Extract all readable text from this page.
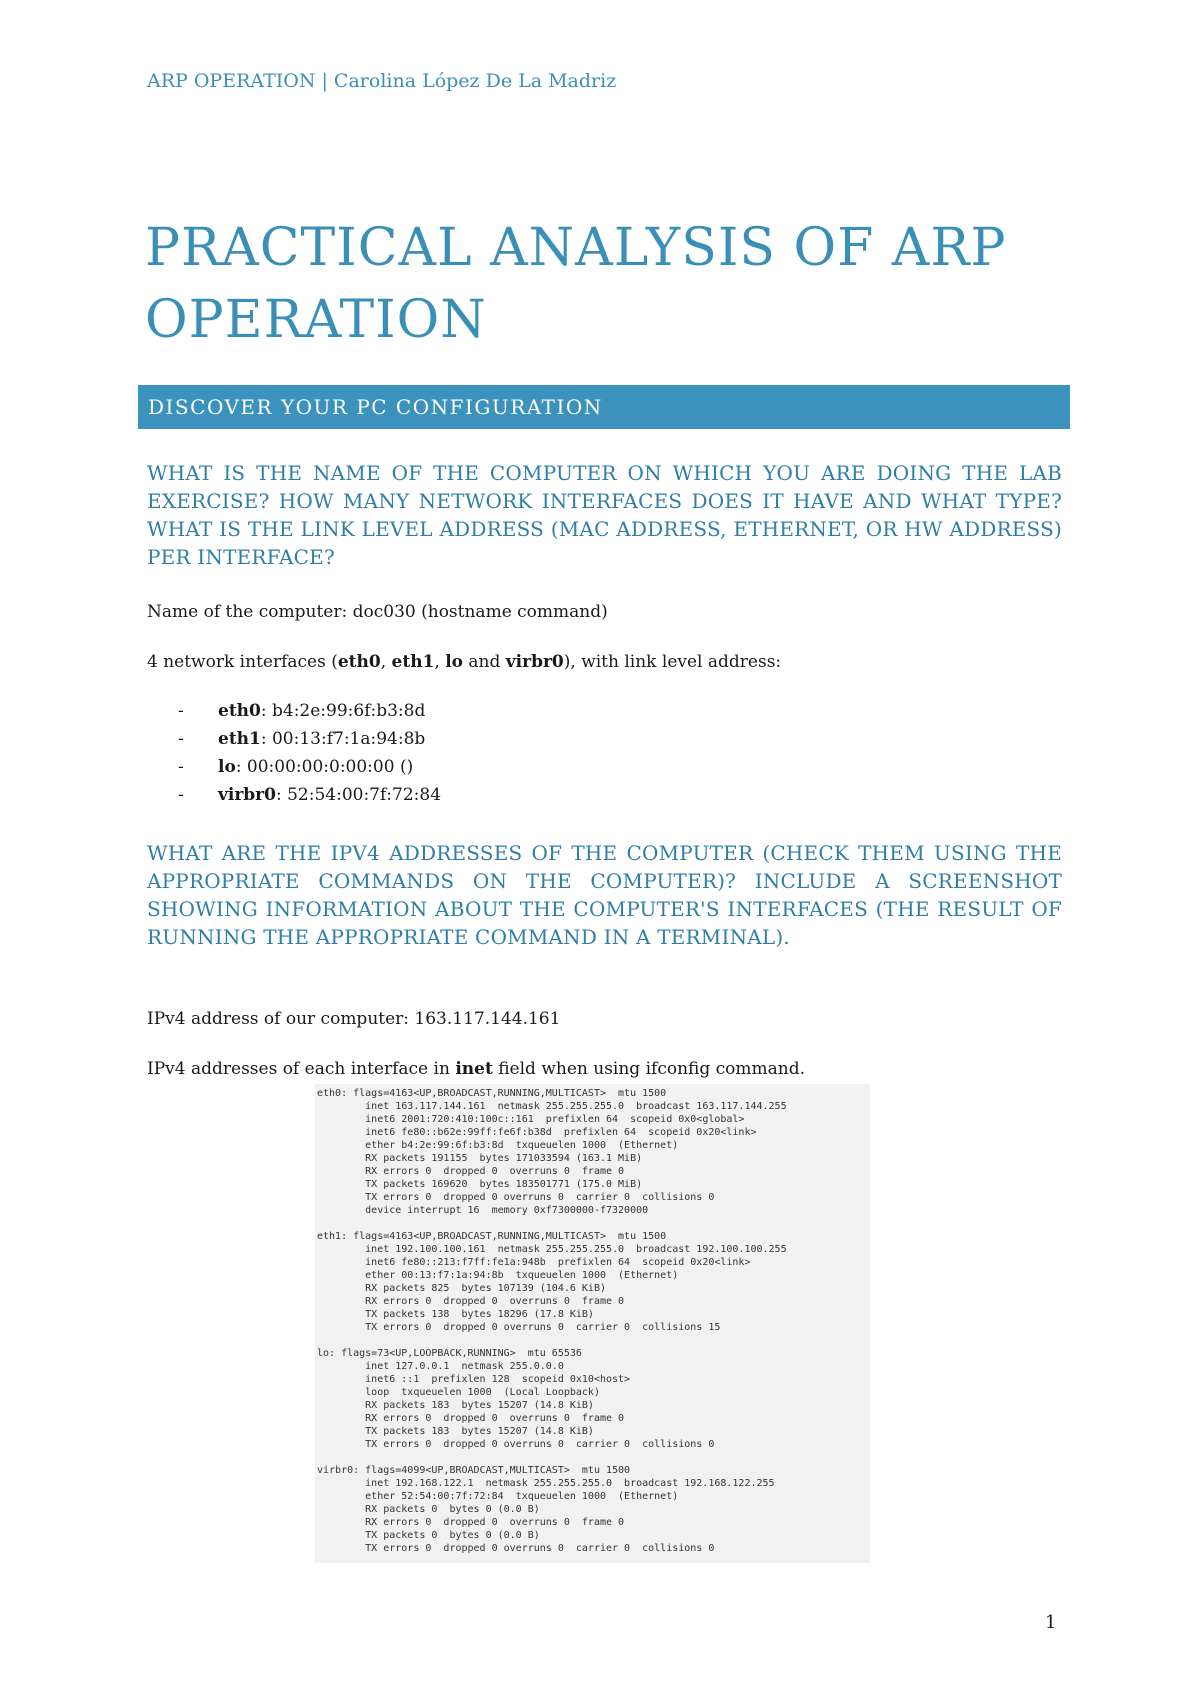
ARP OPERATION | Carolina López De La Madriz
PRACTICAL ANALYSIS OF ARP OPERATION
DISCOVER YOUR PC CONFIGURATION
WHAT IS THE NAME OF THE COMPUTER ON WHICH YOU ARE DOING THE LAB EXERCISE? HOW MANY NETWORK INTERFACES DOES IT HAVE AND WHAT TYPE? WHAT IS THE LINK LEVEL ADDRESS (MAC ADDRESS, ETHERNET, OR HW ADDRESS) PER INTERFACE?
Name of the computer: doc030 (hostname command)
4 network interfaces (eth0, eth1, lo and virbr0), with link level address:
- eth0: b4:2e:99:6f:b3:8d
- eth1: 00:13:f7:1a:94:8b
- lo: 00:00:00:0:00:00 ()
- virbr0: 52:54:00:7f:72:84
WHAT ARE THE IPV4 ADDRESSES OF THE COMPUTER (CHECK THEM USING THE APPROPRIATE COMMANDS ON THE COMPUTER)? INCLUDE A SCREENSHOT SHOWING INFORMATION ABOUT THE COMPUTER'S INTERFACES (THE RESULT OF RUNNING THE APPROPRIATE COMMAND IN A TERMINAL).
IPv4 address of our computer: 163.117.144.161
IPv4 addresses of each interface in inet field when using ifconfig command.
eth0: flags=4163<UP,BROADCAST,RUNNING,MULTICAST>  mtu 1500
inet 163.117.144.161  netmask 255.255.255.0  broadcast 163.117.144.255
inet6 2001:720:410:100c::161  prefixlen 64  scopeid 0x0<global>
inet6 fe80::b62e:99ff:fe6f:b38d  prefixlen 64  scopeid 0x20<link>
ether b4:2e:99:6f:b3:8d  txqueuelen 1000  (Ethernet)
RX packets 191155  bytes 171033594 (163.1 MiB)
RX errors 0  dropped 0  overruns 0  frame 0
TX packets 169620  bytes 183501771 (175.0 MiB)
TX errors 0  dropped 0 overruns 0  carrier 0  collisions 0
device interrupt 16  memory 0xf7300000-f7320000

eth1: flags=4163<UP,BROADCAST,RUNNING,MULTICAST>  mtu 1500
inet 192.100.100.161  netmask 255.255.255.0  broadcast 192.100.100.255
inet6 fe80::213:f7ff:fe1a:948b  prefixlen 64  scopeid 0x20<link>
ether 00:13:f7:1a:94:8b  txqueuelen 1000  (Ethernet)
RX packets 825  bytes 107139 (104.6 KiB)
RX errors 0  dropped 0  overruns 0  frame 0
TX packets 138  bytes 18296 (17.8 KiB)
TX errors 0  dropped 0 overruns 0  carrier 0  collisions 15

lo: flags=73<UP,LOOPBACK,RUNNING>  mtu 65536
inet 127.0.0.1  netmask 255.0.0.0
inet6 ::1  prefixlen 128  scopeid 0x10<host>
loop  txqueuelen 1000  (Local Loopback)
RX packets 183  bytes 15207 (14.8 KiB)
RX errors 0  dropped 0  overruns 0  frame 0
TX packets 183  bytes 15207 (14.8 KiB)
TX errors 0  dropped 0 overruns 0  carrier 0  collisions 0

virbr0: flags=4099<UP,BROADCAST,MULTICAST>  mtu 1500
inet 192.168.122.1  netmask 255.255.255.0  broadcast 192.168.122.255
ether 52:54:00:7f:72:84  txqueuelen 1000  (Ethernet)
RX packets 0  bytes 0 (0.0 B)
RX errors 0  dropped 0  overruns 0  frame 0
TX packets 0  bytes 0 (0.0 B)
TX errors 0  dropped 0 overruns 0  carrier 0  collisions 0
1
